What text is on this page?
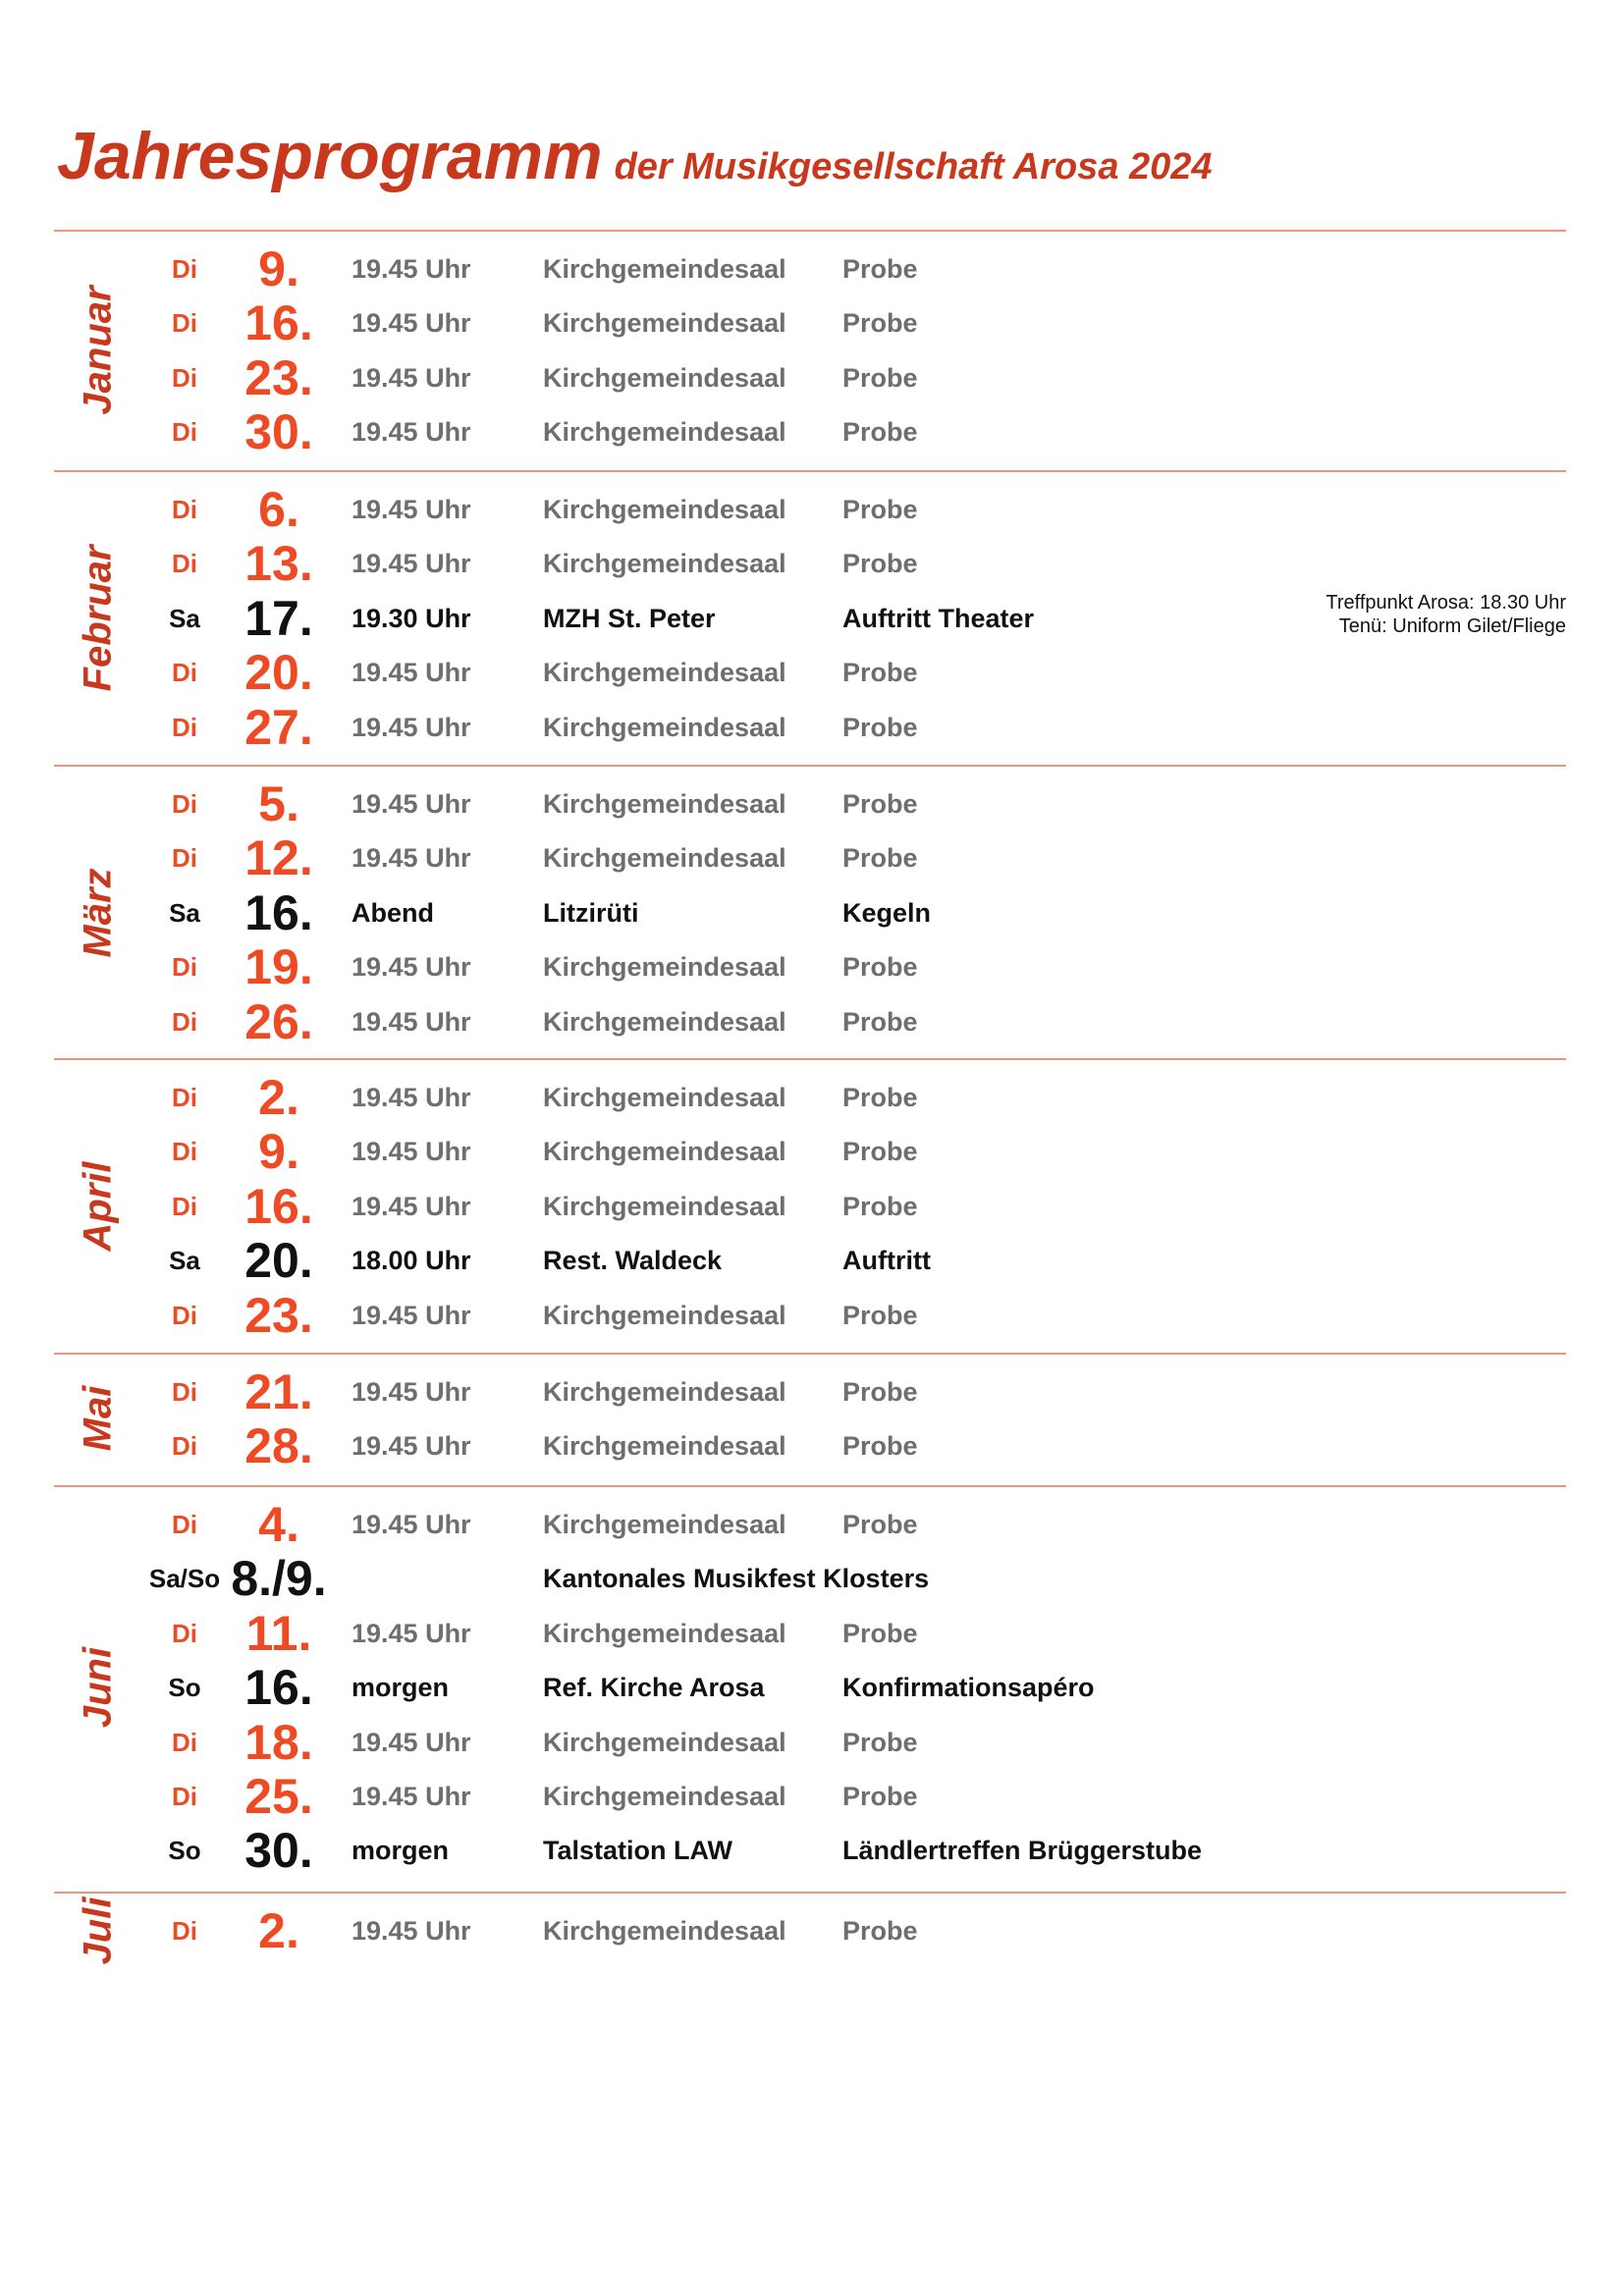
Jahresprogramm der Musikgesellschaft Arosa 2024
Januar
Di	9.	19.45 Uhr	Kirchgemeindesaal Probe
Di 16.	19.45 Uhr	Kirchgemeindesaal Probe
Di 23.	19.45 Uhr	Kirchgemeindesaal Probe
Di 30.	19.45 Uhr	Kirchgemeindesaal Probe
Februar
Di	6.	19.45 Uhr	Kirchgemeindesaal Probe
Di 13.	19.45 Uhr	Kirchgemeindesaal Probe
Sa 17.	19.30 Uhr	MZH St. Peter	Auftritt Theater
Treffpunkt Arosa: 18.30 Uhr
Tenü: Uniform Gilet/Fliege
Di 20.	19.45 Uhr	Kirchgemeindesaal Probe
Di 27.	19.45 Uhr	Kirchgemeindesaal Probe
März
Di	5.	19.45 Uhr	Kirchgemeindesaal Probe
Di 12.	19.45 Uhr	Kirchgemeindesaal Probe
Sa 16.	Abend	Litzirüti	Kegeln
Di 19.	19.45 Uhr	Kirchgemeindesaal Probe
Di 26.	19.45 Uhr	Kirchgemeindesaal Probe
April
Di	2.	19.45 Uhr	Kirchgemeindesaal Probe
Di	9.	19.45 Uhr	Kirchgemeindesaal Probe
Di 16.	19.45 Uhr	Kirchgemeindesaal Probe
Sa 20.	18.00 Uhr	Rest. Waldeck	Auftritt
Di 23.	19.45 Uhr	Kirchgemeindesaal Probe
Mai	Di 21.	19.45 Uhr	Kirchgemeindesaal Probe
Di 28.	19.45 Uhr	Kirchgemeindesaal Probe
Juni
Di	4.	19.45 Uhr	Kirchgemeindesaal Probe
Sa/So 8./9.	Kantonales Musikfest Klosters
Di 11.	19.45 Uhr	Kirchgemeindesaal Probe
So 16.	morgen	Ref. Kirche Arosa	Konfirmationsapéro
Di 18.	19.45 Uhr	Kirchgemeindesaal Probe
Di 25.	19.45 Uhr	Kirchgemeindesaal Probe
So 30.	morgen	Talstation LAW	Ländlertreffen Brüggerstube
Juli	Di	2.	19.45 Uhr	Kirchgemeindesaal Probe
